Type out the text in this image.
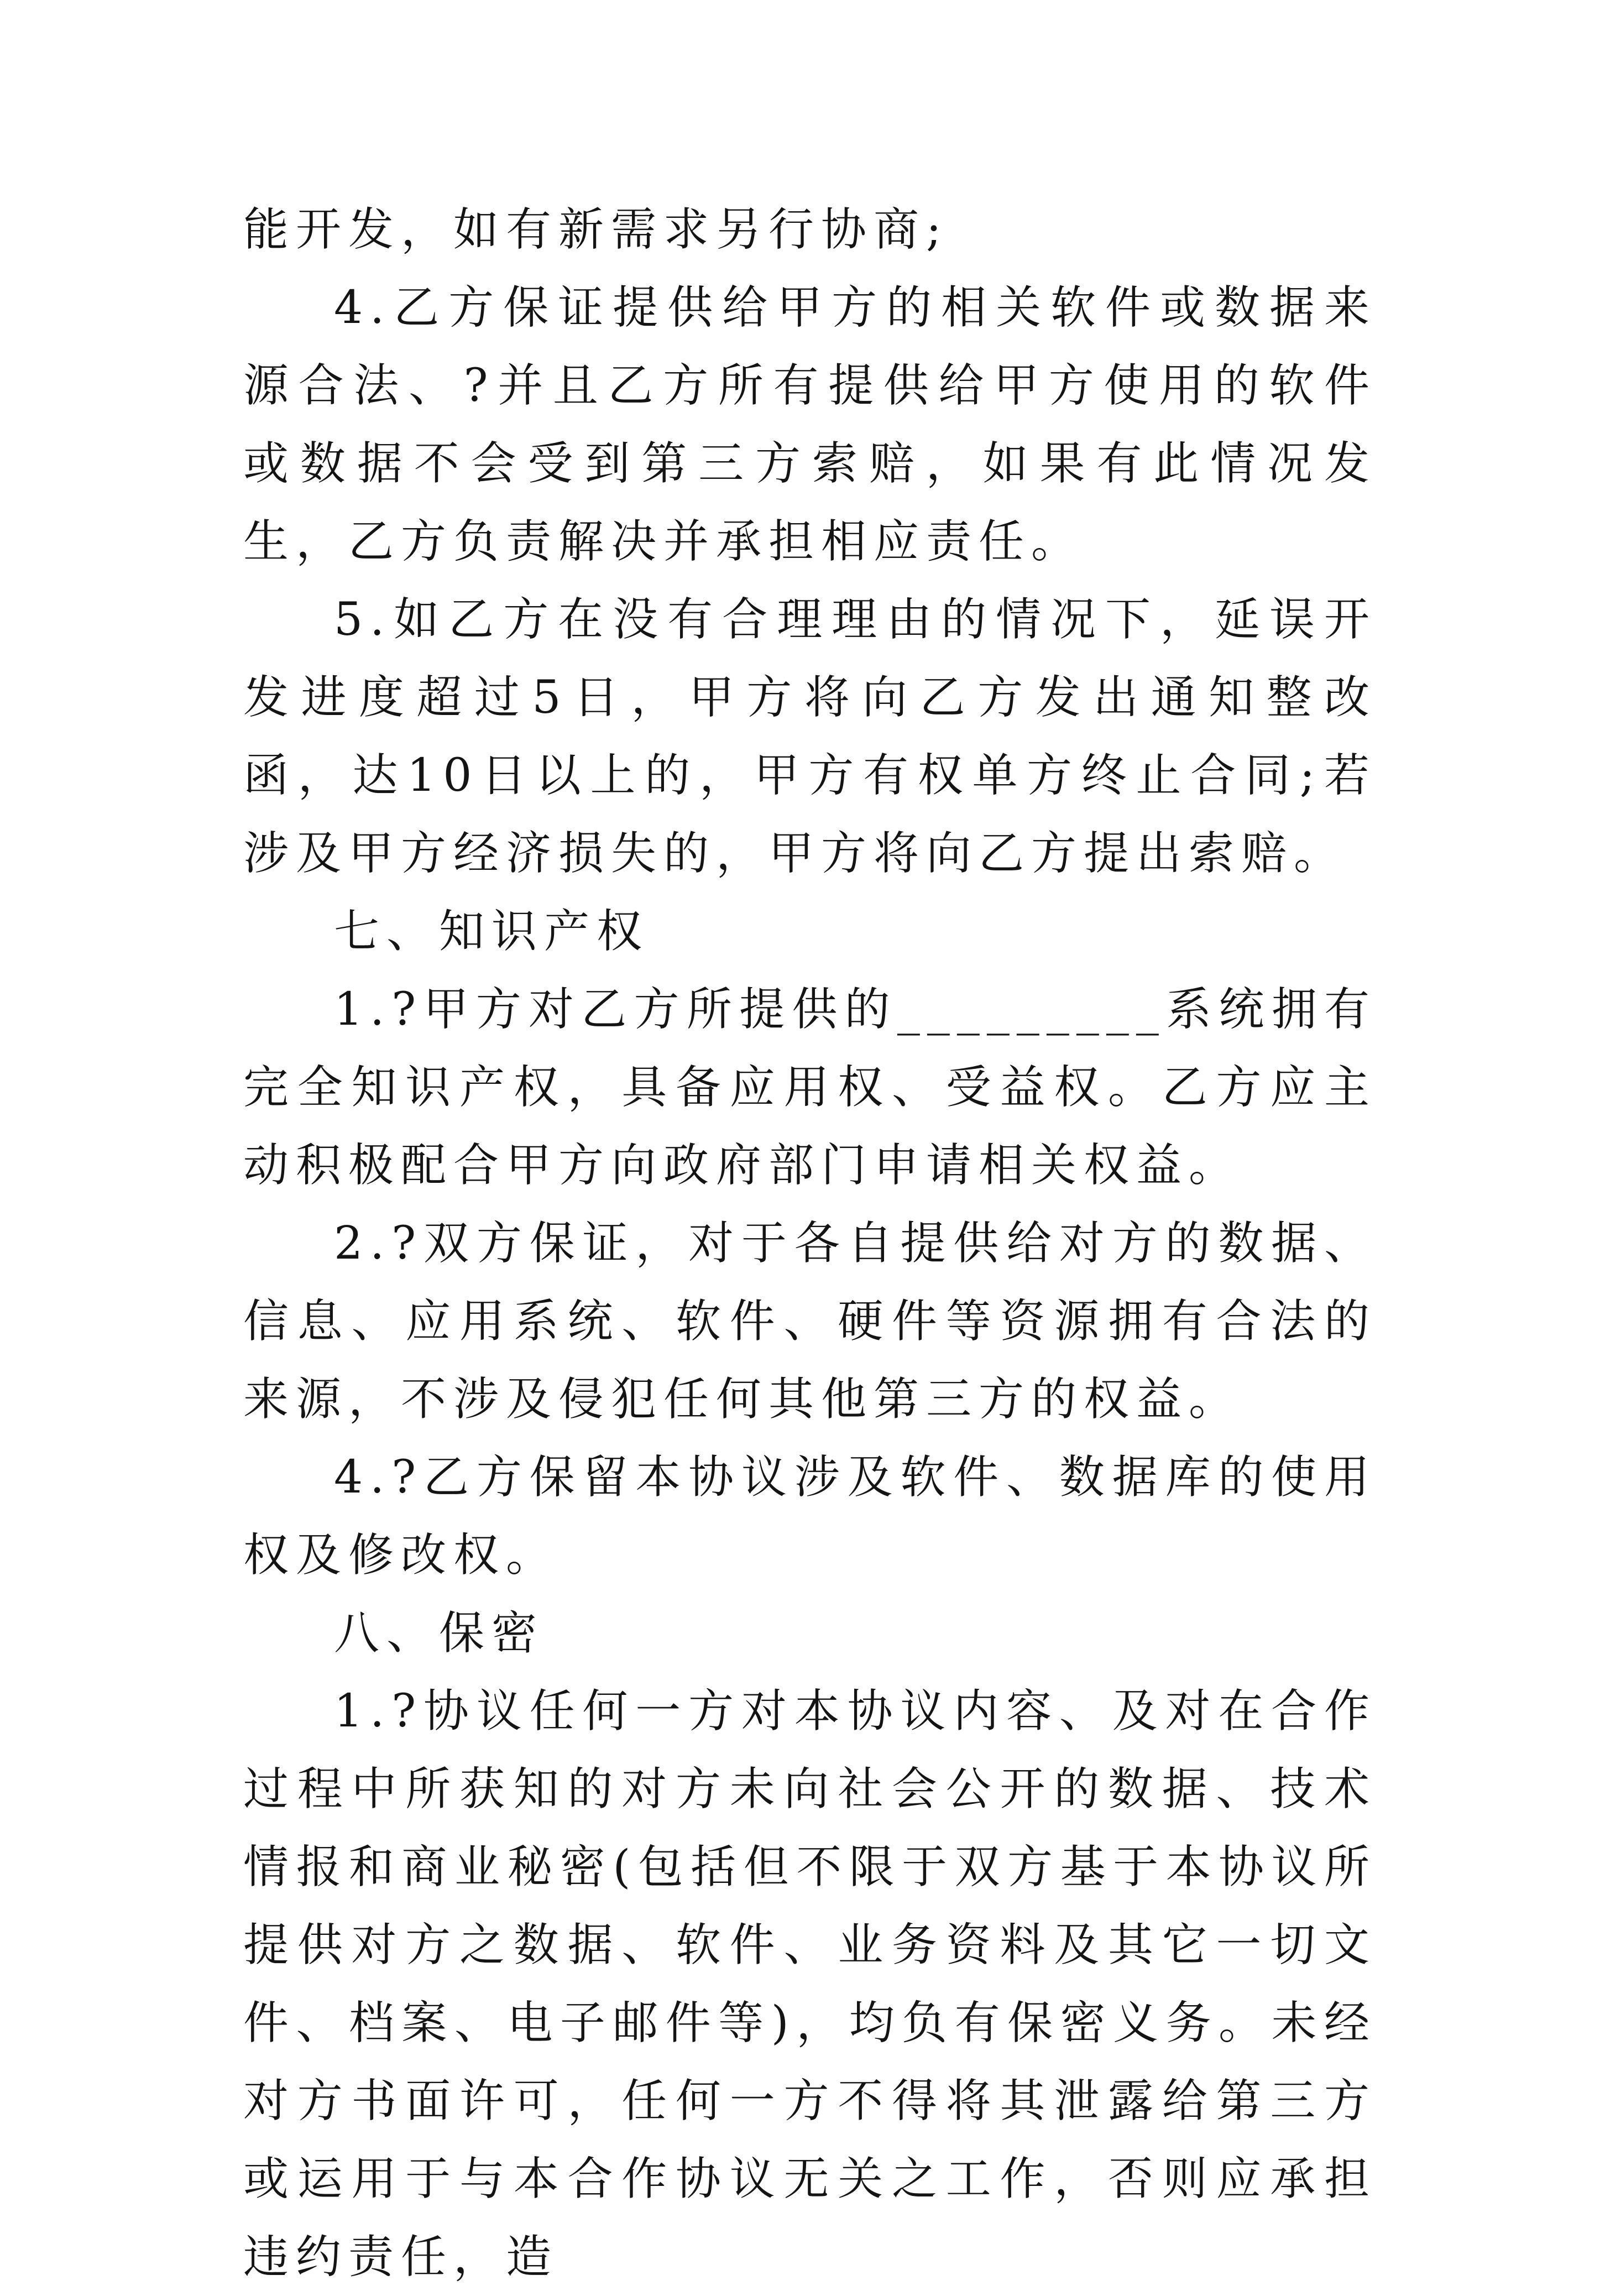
能开发，如有新需求另行协商;

4.乙方保证提供给甲方的相关软件或数据来源合法、?并且乙方所有提供给甲方使用的软件或数据不会受到第三方索赔，如果有此情况发生，乙方负责解决并承担相应责任。

5.如乙方在没有合理理由的情况下，延误开发进度超过5日，甲方将向乙方发出通知整改函，达10日以上的，甲方有权单方终止合同;若涉及甲方经济损失的，甲方将向乙方提出索赔。

七、知识产权

1.?甲方对乙方所提供的_________系统拥有完全知识产权，具备应用权、受益权。乙方应主动积极配合甲方向政府部门申请相关权益。

2.?双方保证，对于各自提供给对方的数据、信息、应用系统、软件、硬件等资源拥有合法的来源，不涉及侵犯任何其他第三方的权益。

4.?乙方保留本协议涉及软件、数据库的使用权及修改权。

八、保密

1.?协议任何一方对本协议内容、及对在合作过程中所获知的对方未向社会公开的数据、技术情报和商业秘密(包括但不限于双方基于本协议所提供对方之数据、软件、业务资料及其它一切文件、档案、电子邮件等)，均负有保密义务。未经对方书面许可，任何一方不得将其泄露给第三方或运用于与本合作协议无关之工作，否则应承担违约责任，造
